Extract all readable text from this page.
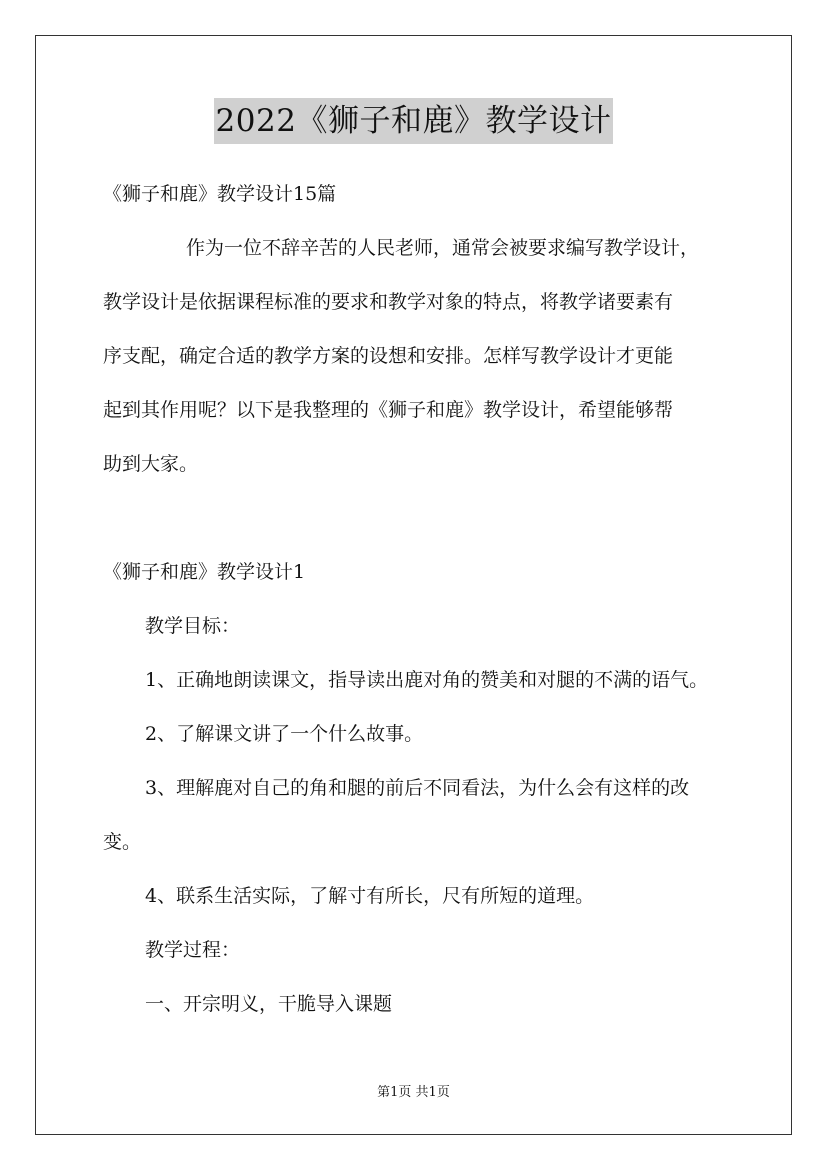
2022《狮子和鹿》教学设计
《狮子和鹿》教学设计15篇
作为一位不辞辛苦的人民老师，通常会被要求编写教学设计，
教学设计是依据课程标准的要求和教学对象的特点，将教学诸要素有
序支配，确定合适的教学方案的设想和安排。怎样写教学设计才更能
起到其作用呢？以下是我整理的《狮子和鹿》教学设计，希望能够帮
助到大家。
《狮子和鹿》教学设计1
教学目标：
1、正确地朗读课文，指导读出鹿对角的赞美和对腿的不满的语气。
2、了解课文讲了一个什么故事。
3、理解鹿对自己的角和腿的前后不同看法，为什么会有这样的改
变。
4、联系生活实际，了解寸有所长，尺有所短的道理。
教学过程：
一、开宗明义，干脆导入课题
第1页 共1页
